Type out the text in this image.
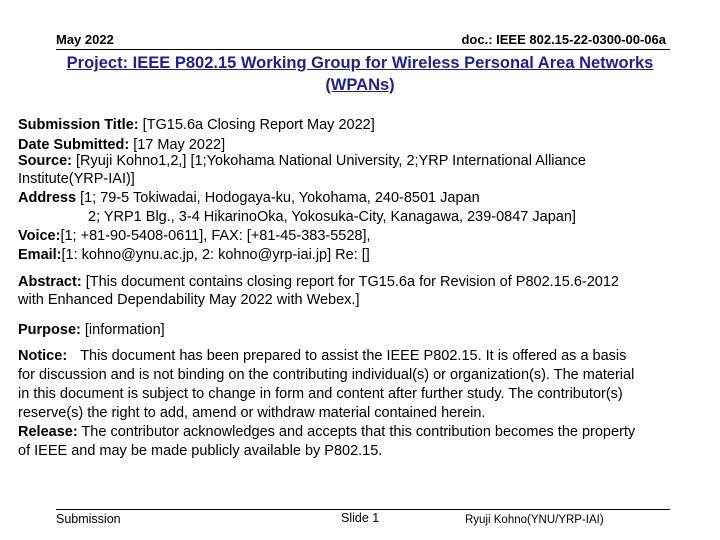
May 2022	doc.: IEEE 802.15-22-0300-00-06a
Project: IEEE P802.15 Working Group for Wireless Personal Area Networks
(WPANs)
Submission Title: [TG15.6a Closing Report May 2022]
Date Submitted: [17 May 2022]
Source: [Ryuji Kohno1,2,] [1;Yokohama National University, 2;YRP International Alliance
Institute(YRP-IAI)]
Address [1; 79-5 Tokiwadai, Hodogaya-ku, Yokohama, 240-8501 Japan
2; YRP1 Blg., 3-4 HikarinoOka, Yokosuka-City, Kanagawa, 239-0847 Japan]
Voice:[1; +81-90-5408-0611], FAX: [+81-45-383-5528],
Email:[1: kohno@ynu.ac.jp, 2: kohno@yrp-iai.jp] Re: []
Abstract: [This document contains closing report for TG15.6a for Revision of P802.15.6-2012
with Enhanced Dependability May 2022 with Webex.]
Purpose: [information]
Notice: This document has been prepared to assist the IEEE P802.15. It is offered as a basis
for discussion and is not binding on the contributing individual(s) or organization(s). The material
in this document is subject to change in form and content after further study. The contributor(s)
reserve(s) the right to add, amend or withdraw material contained herein.
Release: The contributor acknowledges and accepts that this contribution becomes the property
of IEEE and may be made publicly available by P802.15.
Submission	Slide 1	Ryuji Kohno(YNU/YRP-IAI)
